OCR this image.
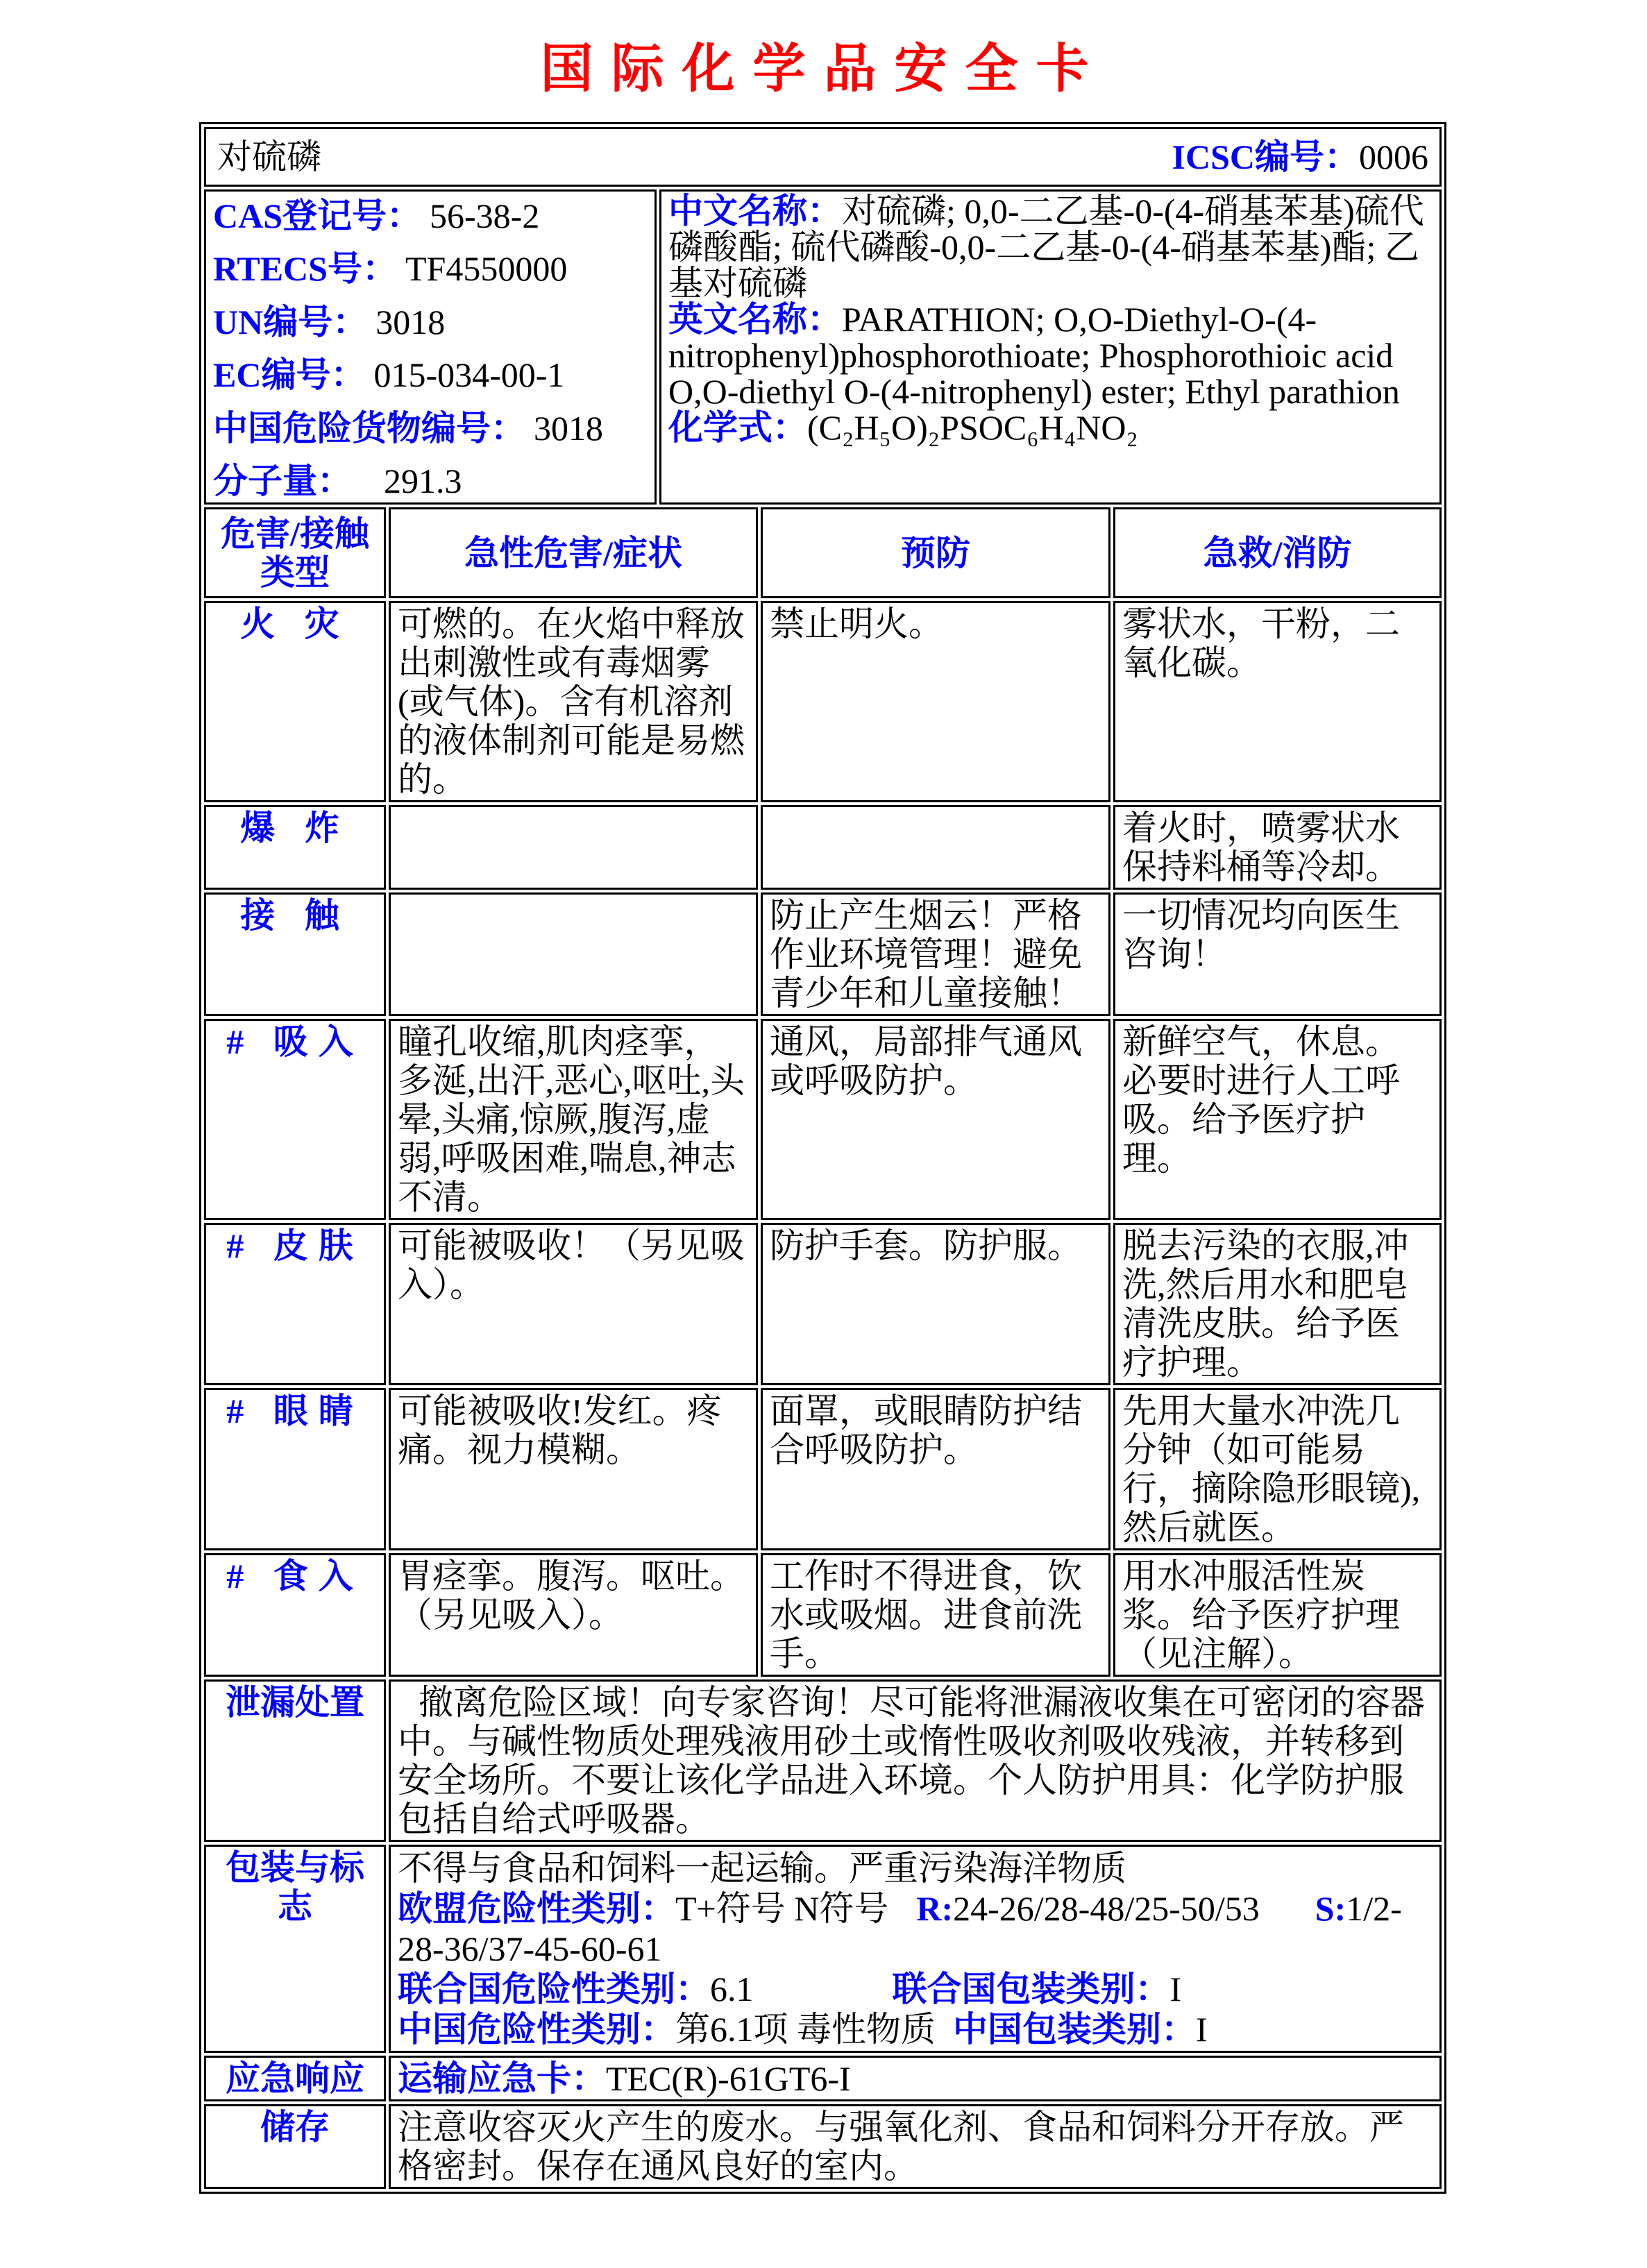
国际化学品安全卡
对硫磷 ICSC编号：0006				

CAS登记号： 56-38-2
RTECS号： TF4550000
UN编号： 3018
EC编号： 015-034-00-1
中国危险货物编号： 3018
分子量： 291.3

中文名称：对硫磷; 0,0-二乙基-0-(4-硝基苯基)硫代磷酸酯; 硫代磷酸-0,0-二乙基-0-(4-硝基苯基)酯; 乙基对硫磷
英文名称：PARATHION; O,O-Diethyl-O-(4-nitrophenyl)phosphorothioate; Phosphorothioic acid O,O-diethyl O-(4-nitrophenyl) ester; Ethyl parathion
化学式：(C₂H₅O)₂PSOC₆H₄NO₂

危害/接触类型	急性危害/症状		预防	急救/消防

火 灾	可燃的。在火焰中释放出刺激性或有毒烟雾(或气体)。含有机溶剂的液体制剂可能是易燃的。		禁止明火。	雾状水，干粉，二氧化碳。
爆 炸				着火时，喷雾状水保持料桶等冷却。
接 触			防止产生烟云！严格作业环境管理！避免青少年和儿童接触！	一切情况均向医生咨询！
# 吸入	瞳孔收缩,肌肉痉挛，多涎,出汗,恶心,呕吐,头晕,头痛,惊厥,腹泻,虚弱,呼吸困难,喘息,神志不清。		通风，局部排气通风或呼吸防护。	新鲜空气，休息。必要时进行人工呼吸。给予医疗护理。
# 皮肤	可能被吸收！（另见吸入）。		防护手套。防护服。	脱去污染的衣服,冲洗,然后用水和肥皂清洗皮肤。给予医疗护理。
# 眼睛	可能被吸收!发红。疼痛。视力模糊。		面罩，或眼睛防护结合呼吸防护。	先用大量水冲洗几分钟（如可能易行，摘除隐形眼镜),然后就医。
# 食入	胃痉挛。腹泻。呕吐。（另见吸入）。		工作时不得进食，饮水或吸烟。进食前洗手。	用水冲服活性炭浆。给予医疗护理（见注解）。
泄漏处置	撤离危险区域！向专家咨询！尽可能将泄漏液收集在可密闭的容器中。与碱性物质处理残液用砂土或惰性吸收剂吸收残液，并转移到安全场所。不要让该化学品进入环境。个人防护用具：化学防护服包括自给式呼吸器。			

包装与标志	不得与食品和饲料一起运输。严重污染海洋物质
欧盟危险性类别：T+符号 N符号 R:24-26/28-48/25-50/53 S:1/2-28-36/37-45-60-61
联合国危险性类别：6.1 联合国包装类别：I
中国危险性类别：第6.1项 毒性物质 中国包装类别：I			

应急响应	运输应急卡：TEC(R)-61GT6-I			
储存	注意收容灭火产生的废水。与强氧化剂、食品和饲料分开存放。严格密封。保存在通风良好的室内。			
